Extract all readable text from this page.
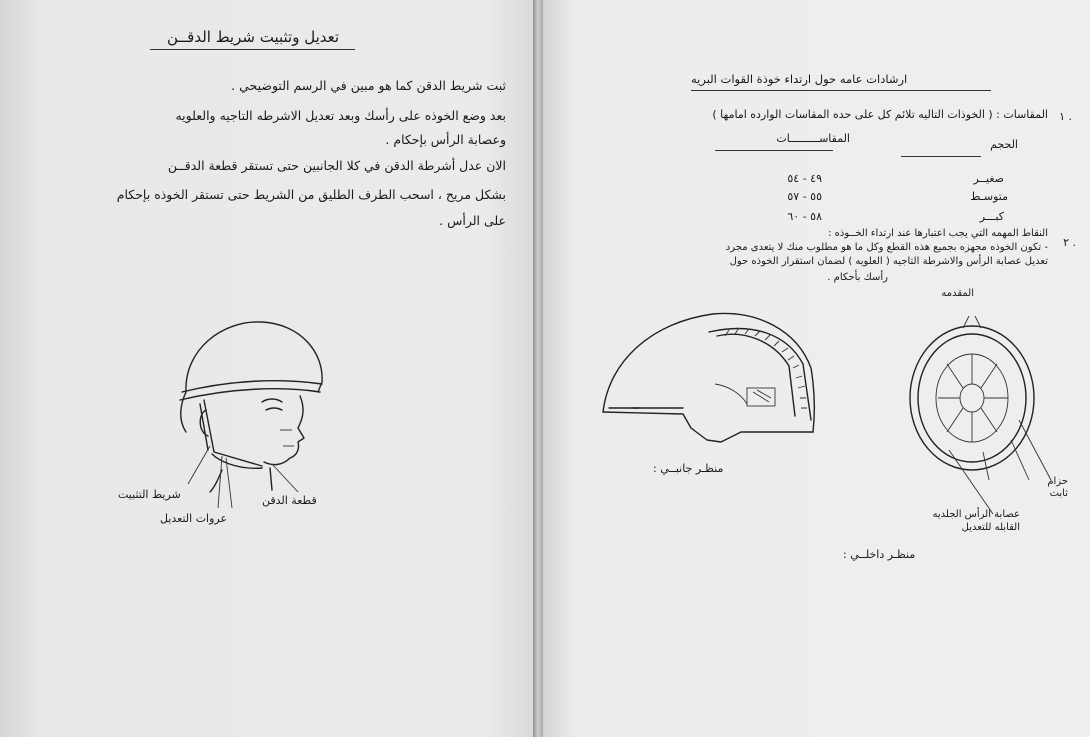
تعديل وتثبيت شريط الدقــن
ثبت شريط الدقن كما هو مبين في الرسم التوضيحي .
بعد وضع الخوذه على رأسك وبعد تعديل الاشرطه التاجيه والعلويه
وعصابة الرأس بإحكام .
الان عدل أشرطة الدقن في كلا الجانبين حتى تستقر قطعة الدقــن
بشكل مريح ، اسحب الطرف الطليق من الشريط حتى تستقر الخوذه بإحكام
على الرأس .
شريط التثبيت
عروات التعديل
قطعة الدقن
ارشادات عامه حول ارتداء خوذة القوات البريه
١ .
المقاسات : ( الخوذات التاليه تلائم كل على حده المقاسات الوارده امامها )
الحجم
المقاســـــــــات
صغيــر
٤٩ - ٥٤
متوسـط
٥٥ - ٥٧
كبـــر
٥٨ - ٦٠
٢ .
النقاط المهمه التي يجب اعتبارها عند ارتداء الخــوذه :
- تكون الخوذه مجهزه بجميع هذه القطع وكل ما هو مطلوب منك لا يتعدى مجرد
تعديل عصابة الرأس والاشرطة التاجيه ( العلويه ) لضمان استقرار الخوذه حول
رأسك بأحكام .
المقدمه
منظـر جانبــي :
حزام ثابت
عصابة الرأس الجلديه القابله للتعديل
منظـر داخلــي :
